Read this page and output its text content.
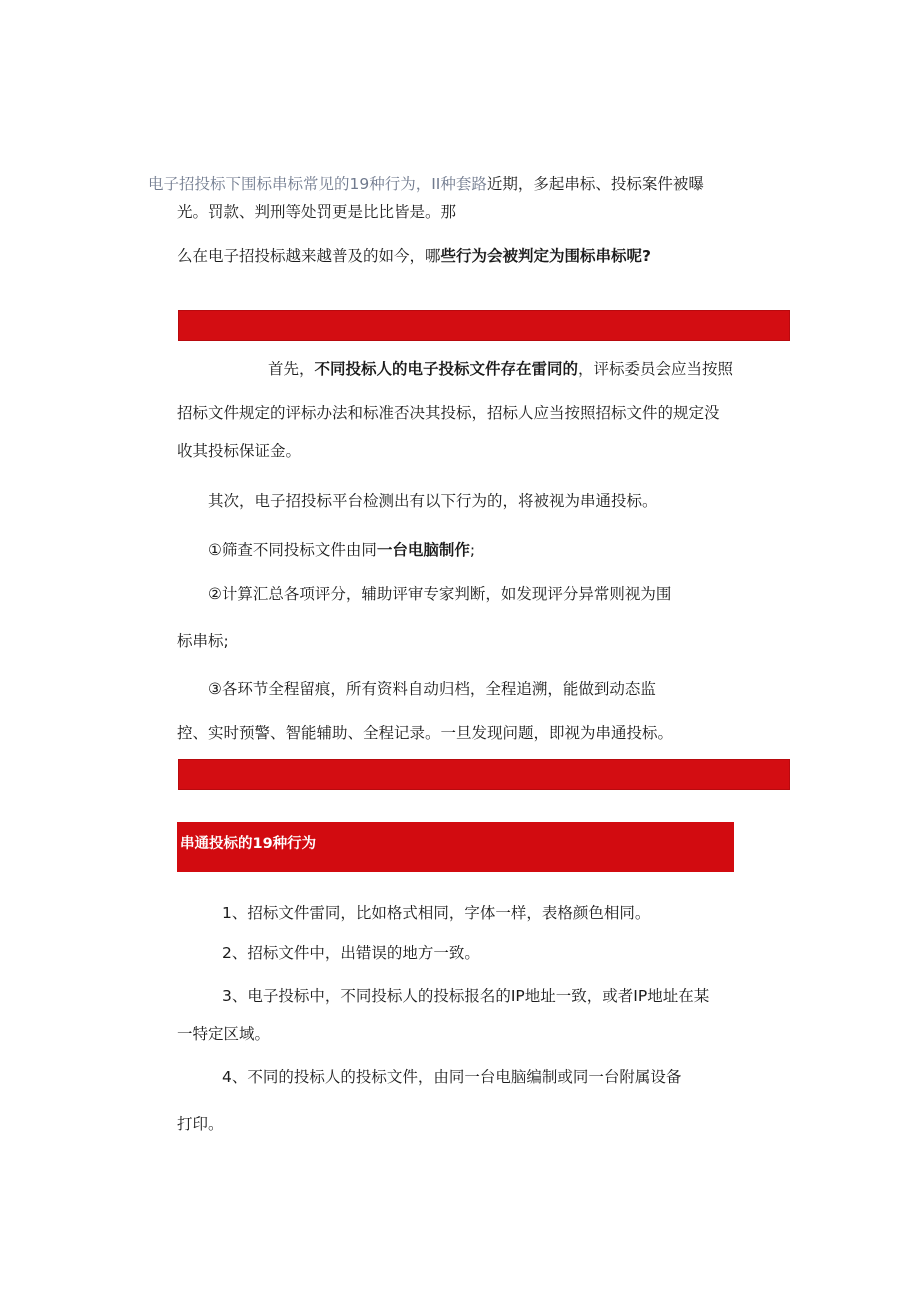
电子招投标下围标串标常见的19种行为，II种套路近期，多起串标、投标案件被曝
光。罚款、判刑等处罚更是比比皆是。那
么在电子招投标越来越普及的如今，哪些行为会被判定为围标串标呢?
首先，不同投标人的电子投标文件存在雷同的，评标委员会应当按照
招标文件规定的评标办法和标准否决其投标，招标人应当按照招标文件的规定没
收其投标保证金。
其次，电子招投标平台检测出有以下行为的，将被视为串通投标。
①筛查不同投标文件由同一台电脑制作;
②计算汇总各项评分，辅助评审专家判断，如发现评分异常则视为围
标串标;
③各环节全程留痕，所有资料自动归档，全程追溯，能做到动态监
控、实时预警、智能辅助、全程记录。一旦发现问题，即视为串通投标。
串通投标的19种行为
1、招标文件雷同，比如格式相同，字体一样，表格颜色相同。
2、招标文件中，出错误的地方一致。
3、电子投标中，不同投标人的投标报名的IP地址一致，或者IP地址在某
一特定区域。
4、不同的投标人的投标文件，由同一台电脑编制或同一台附属设备
打印。
